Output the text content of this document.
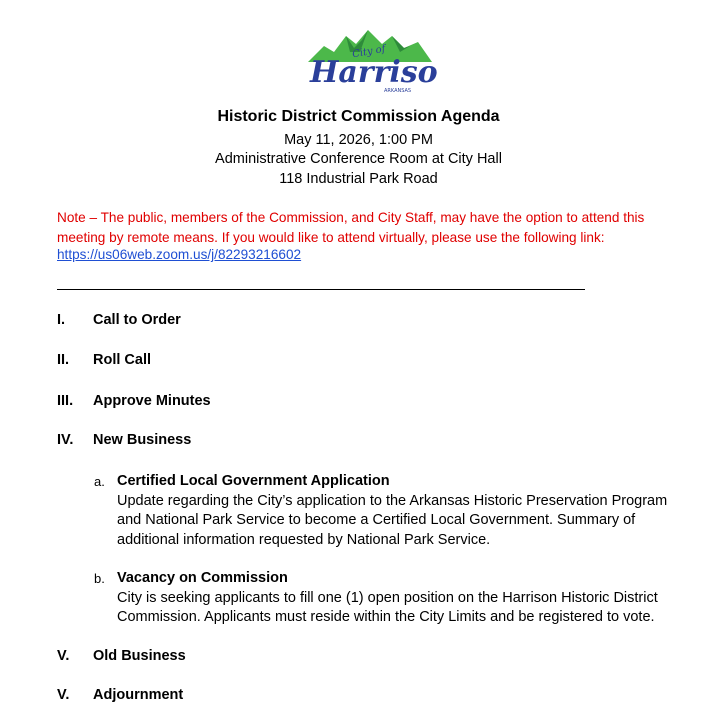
City of
Harriso
ARKANSAS
Historic District Commission Agenda
May 11, 2026, 1:00 PM
Administrative Conference Room at City Hall
118 Industrial Park Road
Note – The public, members of the Commission, and City Staff, may have the option to attend this meeting by remote means. If you would like to attend virtually, please use the following link:
https://us06web.zoom.us/j/82293216602
I. Call to Order
II. Roll Call
III. Approve Minutes
IV. New Business
a. Certified Local Government Application
Update regarding the City’s application to the Arkansas Historic Preservation Program and National Park Service to become a Certified Local Government. Summary of additional information requested by National Park Service.
b. Vacancy on Commission
City is seeking applicants to fill one (1) open position on the Harrison Historic District Commission. Applicants must reside within the City Limits and be registered to vote.
V. Old Business
V. Adjournment
